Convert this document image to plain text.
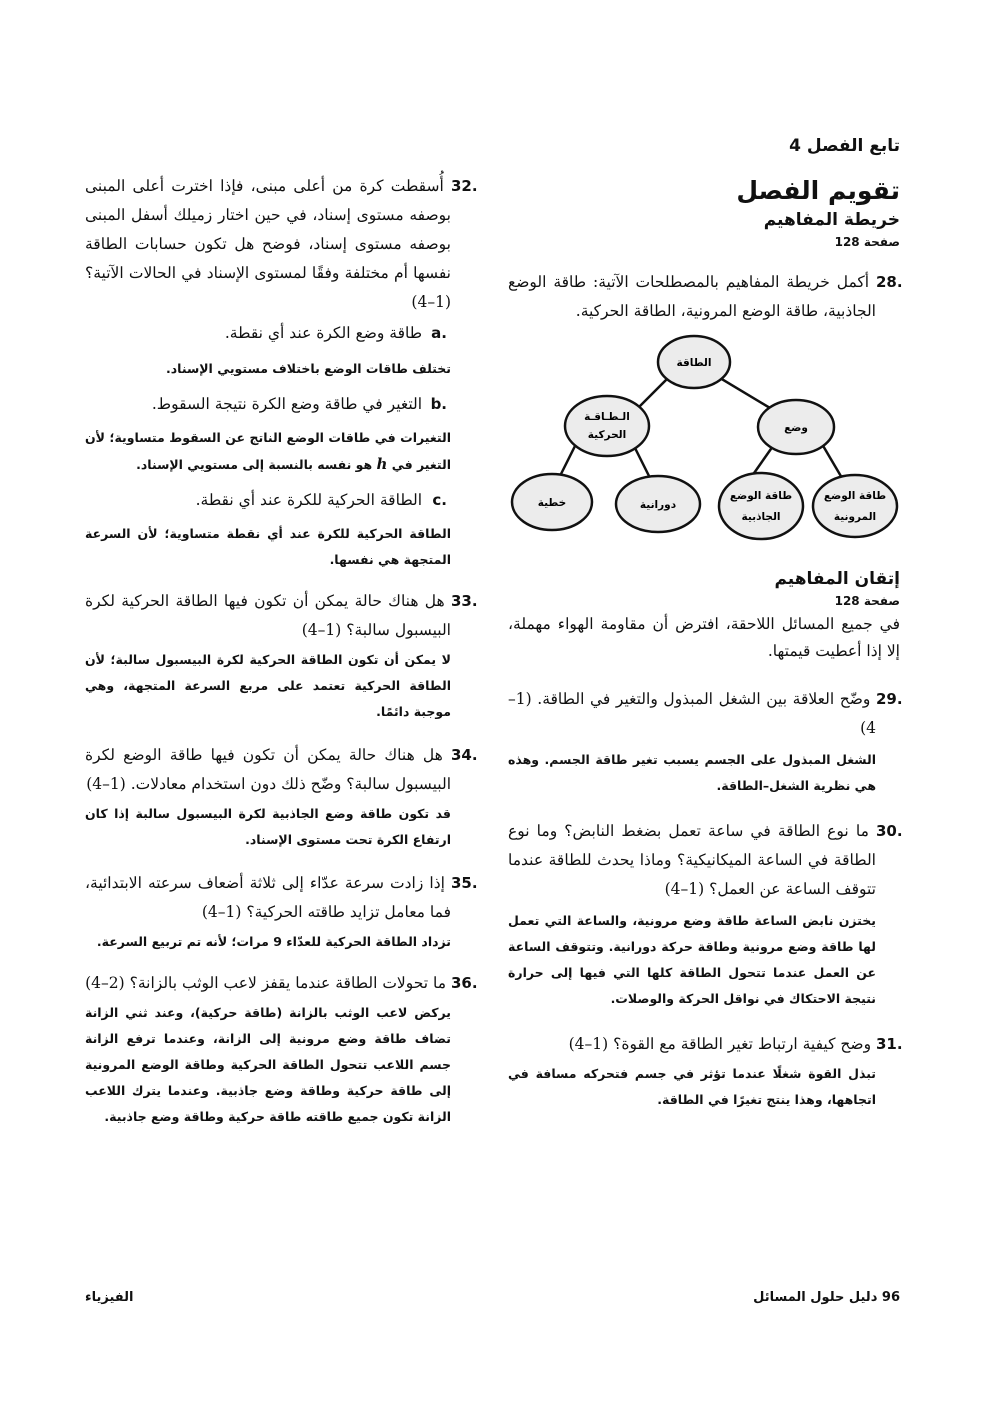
تابع الفصل 4
تقويم الفصل
خريطة المفاهيم
صفحة 128
28. أكمل خريطة المفاهيم بالمصطلحات الآتية: طاقة الوضع الجاذبية، طاقة الوضع المرونية، الطاقة الحركية.
الطاقة
الـطـاقـة
الحركية
وضع
خطية	دورانية
طاقة الوضع
الجاذبية
طاقة الوضع
المرونية
إتقان المفاهيم
صفحة 128
في جميع المسائل اللاحقة، افترض أن مقاومة الهواء مهملة، إلا إذا أعطيت قيمتها.
29. وضّح العلاقة بين الشغل المبذول والتغير في الطاقة. (1–4)
الشغل المبذول على الجسم يسبب تغير طاقة الجسم. وهذه هي نظرية الشغل–الطاقة.
30. ما نوع الطاقة في ساعة تعمل بضغط النابض؟ وما نوع الطاقة في الساعة الميكانيكية؟ وماذا يحدث للطاقة عندما تتوقف الساعة عن العمل؟ (1–4)
يختزن نابض الساعة طاقة وضع مرونية، والساعة التي تعمل لها طاقة وضع مرونية وطاقة حركة دورانية. وتتوقف الساعة عن العمل عندما تتحول الطاقة كلها التي فيها إلى حرارة نتيجة الاحتكاك في نواقل الحركة والوصلات.
31. وضح كيفية ارتباط تغير الطاقة مع القوة؟ (1–4)
تبذل القوة شغلًا عندما تؤثر في جسم فتحركه مسافة في اتجاهها، وهذا ينتج تغيرًا في الطاقة.
32. أُسقطت كرة من أعلى مبنى، فإذا اخترت أعلى المبنى بوصفه مستوى إسناد، في حين اختار زميلك أسفل المبنى بوصفه مستوى إسناد، فوضح هل تكون حسابات الطاقة نفسها أم مختلفة وفقًا لمستوى الإسناد في الحالات الآتية؟ (1–4)
a. طاقة وضع الكرة عند أي نقطة.
تختلف طاقات الوضع باختلاف مستويي الإسناد.
b. التغير في طاقة وضع الكرة نتيجة السقوط.
التغيرات في طاقات الوضع الناتج عن السقوط متساوية؛ لأن التغير في h هو نفسه بالنسبة إلى مستويي الإسناد.
c. الطاقة الحركية للكرة عند أي نقطة.
الطاقة الحركية للكرة عند أي نقطة متساوية؛ لأن السرعة المتجهة هي نفسها.
33. هل هناك حالة يمكن أن تكون فيها الطاقة الحركية لكرة البيسبول سالبة؟ (1–4)
لا يمكن أن تكون الطاقة الحركية لكرة البيسبول سالبة؛ لأن الطاقة الحركية تعتمد على مربع السرعة المتجهة، وهي موجبة دائمًا.
34. هل هناك حالة يمكن أن تكون فيها طاقة الوضع لكرة البيسبول سالبة؟ وضّح ذلك دون استخدام معادلات. (1–4)
قد تكون طاقة وضع الجاذبية لكرة البيسبول سالبة إذا كان ارتفاع الكرة تحت مستوى الإسناد.
35. إذا زادت سرعة عدّاء إلى ثلاثة أضعاف سرعته الابتدائية، فما معامل تزايد طاقته الحركية؟ (1–4)
تزداد الطاقة الحركية للعدّاء 9 مرات؛ لأنه تم تربيع السرعة.
36. ما تحولات الطاقة عندما يقفز لاعب الوثب بالزانة؟ (2–4)
يركض لاعب الوثب بالزانة (طاقة حركية)، وعند ثني الزانة تضاف طاقة وضع مرونية إلى الزانة، وعندما ترفع الزانة جسم اللاعب تتحول الطاقة الحركية وطاقة الوضع المرونية إلى طاقة حركية وطاقة وضع جاذبية. وعندما يترك اللاعب الزانة تكون جميع طاقته طاقة حركية وطاقة وضع جاذبية.
96 دليل حلول المسائل
الفيزياء
